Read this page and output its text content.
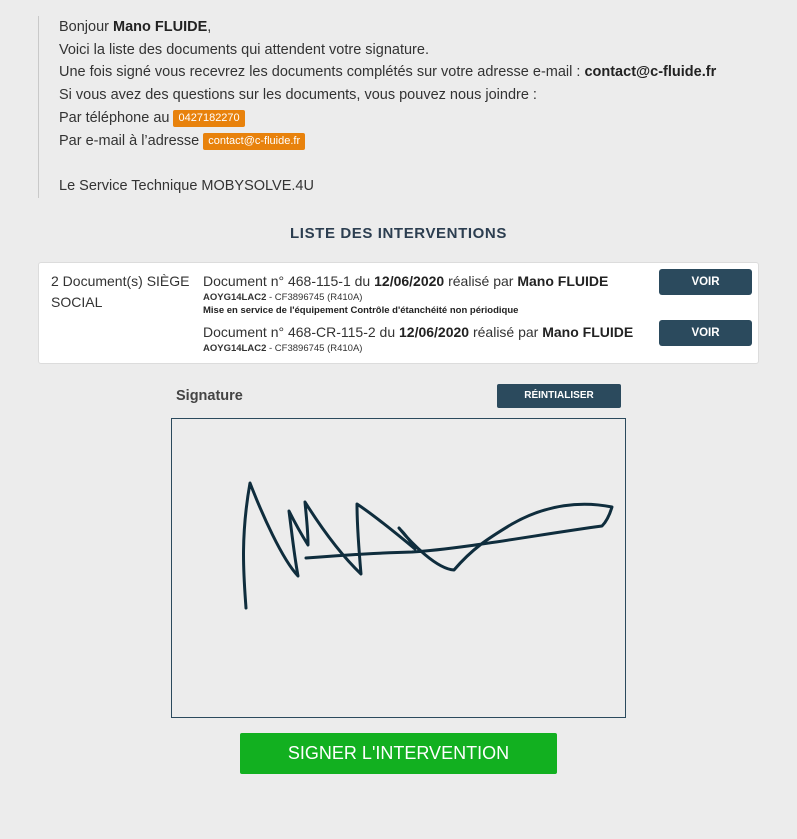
Bonjour Mano FLUIDE,

Voici la liste des documents qui attendent votre signature.

Une fois signé vous recevrez les documents complétés sur votre adresse e-mail : contact@c-fluide.fr

Si vous avez des questions sur les documents, vous pouvez nous joindre :

Par téléphone au 0427182270

Par e-mail à l’adresse contact@c-fluide.fr

Le Service Technique MOBYSOLVE.4U

LISTE DES INTERVENTIONS
2 Document(s) SIÈGE SOCIAL
Document n° 468-115-1 du 12/06/2020 réalisé par Mano FLUIDE
AOYG14LAC2 - CF3896745 (R410A)
Mise en service de l'équipement Contrôle d'étanchéité non périodique
VOIR
Document n° 468-CR-115-2 du 12/06/2020 réalisé par Mano FLUIDE
AOYG14LAC2 - CF3896745 (R410A)
VOIR
Signature	RÉINTIALISER
SIGNER L'INTERVENTION
